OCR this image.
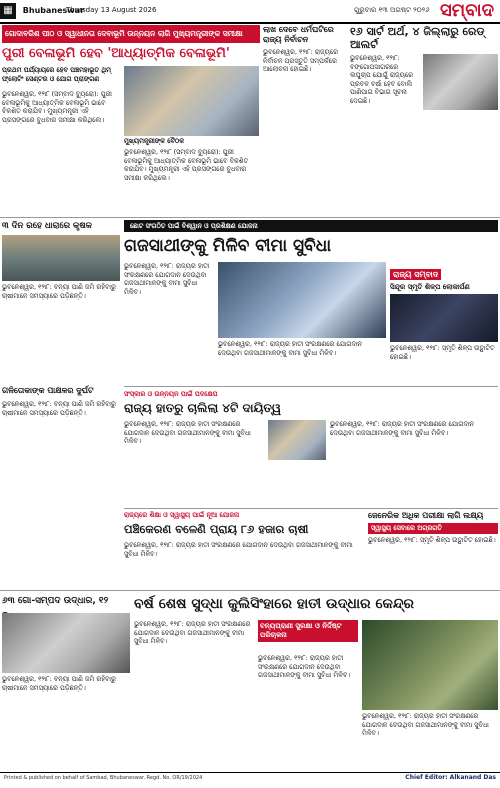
▦ Bhubaneswar
Thursday 13 August 2026	ଗୁରୁବାର ୧୩ ଅଗଷ୍ଟ ୨୦୨୬ ସମ୍ବାଦ
ଗୋଦାବରିଶ ପୀଠ ଓ ସ୍ୱାଧୀନତା ଦେବାଭୂମି ଉନ୍ନୟନ ଲାଗି ମୁଖ୍ୟମନ୍ତ୍ରୀଙ୍କ ସମୀକ୍ଷା
ପୁରୀ ବେଳାଭୂମି ହେବ 'ଆଧ୍ୟାତ୍ମିକ ବେଳାଭୂମି'
ପ୍ରଥମ ପର୍ଯ୍ୟାୟରେ ହେବ ପଞ୍ଚମହାଭୂତ ଥିମ୍
ଫ୍ଲୋଟିଂ ସେଣ୍ଟର ଓ ଯୋଗ ପ୍ରାଙ୍ଗଣ
ଭୁବନେଶ୍ୱର, ୧୨ା୮ (ସମ୍ବାଦ ବ୍ୟୁରୋ): ପୁରୀ ବେଳାଭୂମିକୁ ଆଧ୍ୟାତ୍ମିକ ବେଳାଭୂମି ଭାବେ ବିକଶିତ କରାଯିବ। ମୁଖ୍ୟମନ୍ତ୍ରୀ ଏହି ପ୍ରସଙ୍ଗରେ ବୁଧବାର ସମୀକ୍ଷା କରିଥିଲେ।
ମୁଖ୍ୟମନ୍ତ୍ରୀଙ୍କ ବୈଠକ
ଭୁବନେଶ୍ୱର, ୧୨ା୮ (ସମ୍ବାଦ ବ୍ୟୁରୋ): ପୁରୀ ବେଳାଭୂମିକୁ ଆଧ୍ୟାତ୍ମିକ ବେଳାଭୂମି ଭାବେ ବିକଶିତ କରାଯିବ। ମୁଖ୍ୟମନ୍ତ୍ରୀ ଏହି ପ୍ରସଙ୍ଗରେ ବୁଧବାର ସମୀକ୍ଷା କରିଥିଲେ।
ଲାଖ ଦେବେ ଧର୍ମଘଟିରେ ରାଜ୍ୟ ନିର୍ବାଚନ
ଭୁବନେଶ୍ୱର, ୧୨ା୮: ରାଜ୍ୟରେ ନିର୍ବାଚନ ପ୍ରସ୍ତୁତି ସମ୍ପର୍କରେ ଆଲୋଚନା ହୋଇଛି।
୧୬ ସାର୍ଟ ଅର୍ଥ, ୪ ଜିଲ୍ଲାରୁ ରେଡ୍ ଆଲର୍ଟ
ଭୁବନେଶ୍ୱର, ୧୨ା୮: ବଙ୍ଗୋପସାଗରରେ ଲଘୁଚାପ ଯୋଗୁଁ ରାଜ୍ୟରେ ପ୍ରବଳ ବର୍ଷା ହେବ ବୋଲି ପାଣିପାଗ ବିଭାଗ ସୂଚନା ଦେଇଛି।
୩ ଦିନ ରହେ ଧାରାରେ କୃଷକ
ଭୁବନେଶ୍ୱର, ୧୨ା୮: ବନ୍ୟା ପାଣି ଜମି ରହିବାରୁ ଚାଷୀମାନେ ସମସ୍ୟାରେ ପଡ଼ିଛନ୍ତି।
ଗଳିତୋକାଙ୍କ ପାକ୍ଷଳର ଦୁର୍ଘଟ
ଭୁବନେଶ୍ୱର, ୧୨ା୮: ବନ୍ୟା ପାଣି ଜମି ରହିବାରୁ ଚାଷୀମାନେ ସମସ୍ୟାରେ ପଡ଼ିଛନ୍ତି।
ଛୋଟ ସଂଗଠିତ ପାଇଁ ବିଶ୍ୱାନ ଓ ପ୍ରଶିକ୍ଷଣ ଯୋଜନା
ଗଜସାଥୀଙ୍କୁ ମିଳିବ ବୀମା ସୁବିଧା
ଭୁବନେଶ୍ୱର, ୧୨ା୮: ରାଜ୍ୟର ହାତୀ ସଂରକ୍ଷଣରେ ଯୋଗଦାନ ଦେଉଥିବା ଗଜସାଥୀମାନଙ୍କୁ ବୀମା ସୁବିଧା ମିଳିବ।
ଭୁବନେଶ୍ୱର, ୧୨ା୮: ରାଜ୍ୟର ହାତୀ ସଂରକ୍ଷଣରେ ଯୋଗଦାନ ଦେଉଥିବା ଗଜସାଥୀମାନଙ୍କୁ ବୀମା ସୁବିଧା ମିଳିବ।
ରାଜ୍ୟ ସମ୍ବାଦ
ସିନ୍ଦୂର ସ୍ମୃତି ଶିଳ୍ପ ଲୋକାର୍ପଣ
ଭୁବନେଶ୍ୱର, ୧୨ା୮: ସ୍ମୃତି ଶିଳ୍ପ ଉଦ୍ଘାଟିତ ହୋଇଛି।
ସଂସ୍କାର ଓ ଉନ୍ନୟନ ପାଇଁ ପଦକ୍ଷେପ
ରାଜ୍ୟ ହାତରୁ ଚାଲିଲା ୪ଟି ଦାୟିତ୍ୱ
ଭୁବନେଶ୍ୱର, ୧୨ା୮: ରାଜ୍ୟର ହାତୀ ସଂରକ୍ଷଣରେ ଯୋଗଦାନ ଦେଉଥିବା ଗଜସାଥୀମାନଙ୍କୁ ବୀମା ସୁବିଧା ମିଳିବ।
ଭୁବନେଶ୍ୱର, ୧୨ା୮: ରାଜ୍ୟର ହାତୀ ସଂରକ୍ଷଣରେ ଯୋଗଦାନ ଦେଉଥିବା ଗଜସାଥୀମାନଙ୍କୁ ବୀମା ସୁବିଧା ମିଳିବ।
ରାଜ୍ୟରେ ଶିକ୍ଷା ଓ ସ୍ୱାସ୍ଥ୍ୟ ପାଇଁ ନୂଆ ଯୋଜନା
ପଞ୍ଚିକେରଣ ବଳେଣି ପ୍ରାୟ ୮୬ ହଜାର ଚାଷୀ
ଭୁବନେଶ୍ୱର, ୧୨ା୮: ରାଜ୍ୟର ହାତୀ ସଂରକ୍ଷଣରେ ଯୋଗଦାନ ଦେଉଥିବା ଗଜସାଥୀମାନଙ୍କୁ ବୀମା ସୁବିଧା ମିଳିବ।
ଜେନେରିକ ଅଧିକ ପରୀକ୍ଷା ଲାଗି ଲକ୍ଷ୍ୟ
ସ୍ୱାସ୍ଥ୍ୟ ସେବାରେ ଅଗ୍ରଗତି
ଭୁବନେଶ୍ୱର, ୧୨ା୮: ସ୍ମୃତି ଶିଳ୍ପ ଉଦ୍ଘାଟିତ ହୋଇଛି।
୬୩ ଗୋ-ସମ୍ପଦ ଉଦ୍ଧାର, ୧୨
ଭୁବନେଶ୍ୱର, ୧୨ା୮: ବନ୍ୟା ପାଣି ଜମି ରହିବାରୁ ଚାଷୀମାନେ ସମସ୍ୟାରେ ପଡ଼ିଛନ୍ତି।
ବର୍ଷ ଶେଷ ସୁଦ୍ଧା କୁଲିସିଂହାରେ ହାତୀ ଉଦ୍ଧାର କେନ୍ଦ୍ର
ଭୁବନେଶ୍ୱର, ୧୨ା୮: ରାଜ୍ୟର ହାତୀ ସଂରକ୍ଷଣରେ ଯୋଗଦାନ ଦେଉଥିବା ଗଜସାଥୀମାନଙ୍କୁ ବୀମା ସୁବିଧା ମିଳିବ।
ବନ୍ୟପ୍ରାଣୀ ସୁରକ୍ଷା ଓ ନିର୍ଦ୍ଦିଷ୍ଟ ପରିଚାଳନା
ଭୁବନେଶ୍ୱର, ୧୨ା୮: ରାଜ୍ୟର ହାତୀ ସଂରକ୍ଷଣରେ ଯୋଗଦାନ ଦେଉଥିବା ଗଜସାଥୀମାନଙ୍କୁ ବୀମା ସୁବିଧା ମିଳିବ।
ଭୁବନେଶ୍ୱର, ୧୨ା୮: ରାଜ୍ୟର ହାତୀ ସଂରକ୍ଷଣରେ ଯୋଗଦାନ ଦେଉଥିବା ଗଜସାଥୀମାନଙ୍କୁ ବୀମା ସୁବିଧା ମିଳିବ।
Printed & published on behalf of Sambad, Bhubaneswar. Regd. No. OR/19/2024	Chief Editor: Alkanand Das
